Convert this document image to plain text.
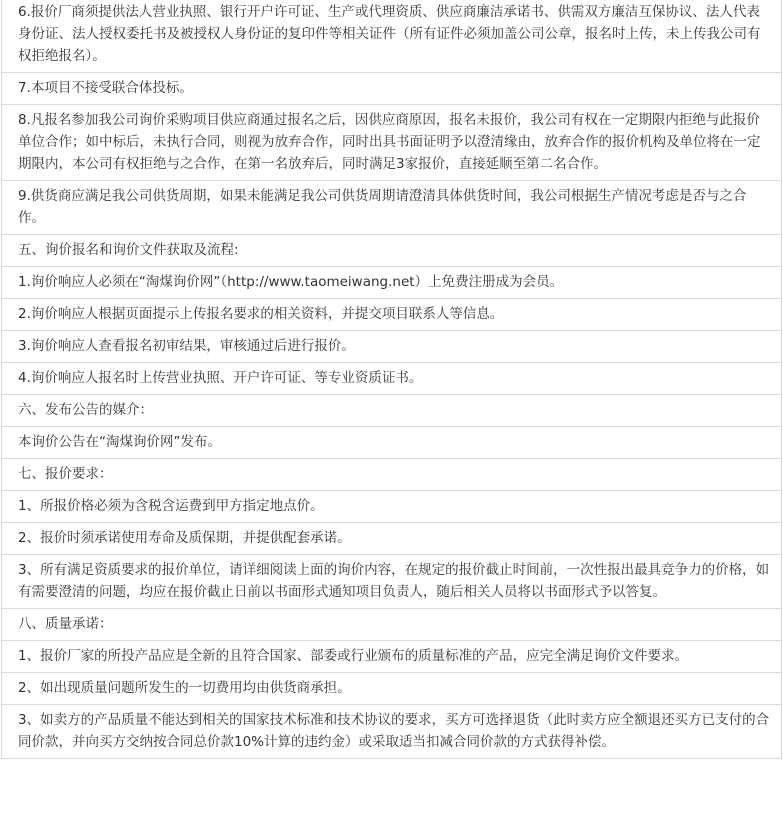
6.报价厂商须提供法人营业执照、银行开户许可证、生产或代理资质、供应商廉洁承诺书、供需双方廉洁互保协议、法人代表身份证、法人授权委托书及被授权人身份证的复印件等相关证件（所有证件必须加盖公司公章，报名时上传，未上传我公司有权拒绝报名）。
7.本项目不接受联合体投标。
8.凡报名参加我公司询价采购项目供应商通过报名之后，因供应商原因，报名未报价，我公司有权在一定期限内拒绝与此报价单位合作；如中标后，未执行合同，则视为放弃合作，同时出具书面证明予以澄清缘由，放弃合作的报价机构及单位将在一定期限内，本公司有权拒绝与之合作，在第一名放弃后，同时满足3家报价，直接延顺至第二名合作。
9.供货商应满足我公司供货周期，如果未能满足我公司供货周期请澄清具体供货时间，我公司根据生产情况考虑是否与之合作。
五、询价报名和询价文件获取及流程:
1.询价响应人必须在“淘煤询价网”（http://www.taomeiwang.net）上免费注册成为会员。
2.询价响应人根据页面提示上传报名要求的相关资料，并提交项目联系人等信息。
3.询价响应人查看报名初审结果，审核通过后进行报价。
4.询价响应人报名时上传营业执照、开户许可证、等专业资质证书。
六、发布公告的媒介：
本询价公告在“淘煤询价网”发布。
七、报价要求：
1、所报价格必须为含税含运费到甲方指定地点价。
2、报价时须承诺使用寿命及质保期，并提供配套承诺。
3、所有满足资质要求的报价单位，请详细阅读上面的询价内容，在规定的报价截止时间前，一次性报出最具竞争力的价格，如有需要澄清的问题，均应在报价截止日前以书面形式通知项目负责人，随后相关人员将以书面形式予以答复。
八、质量承诺：
1、报价厂家的所投产品应是全新的且符合国家、部委或行业颁布的质量标准的产品，应完全满足询价文件要求。
2、如出现质量问题所发生的一切费用均由供货商承担。
3、如卖方的产品质量不能达到相关的国家技术标准和技术协议的要求，买方可选择退货（此时卖方应全额退还买方已支付的合同价款，并向买方交纳按合同总价款10%计算的违约金）或采取适当扣减合同价款的方式获得补偿。
